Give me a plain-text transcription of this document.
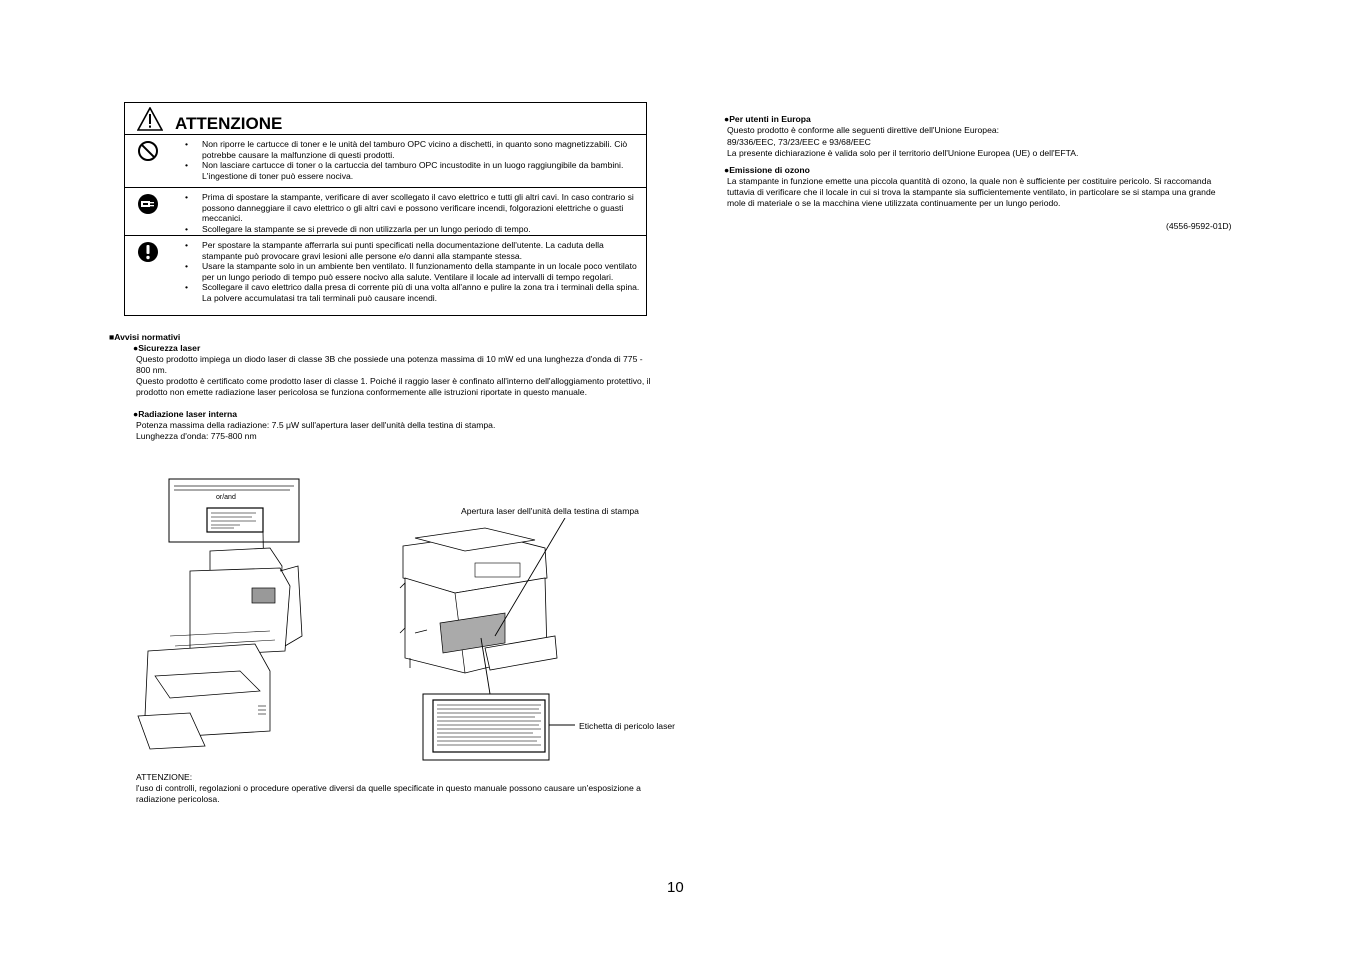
ATTENZIONE
• Non riporre le cartucce di toner e le unità del tamburo OPC vicino a dischetti, in quanto sono magnetizzabili. Ciò potrebbe causare la malfunzione di questi prodotti.
• Non lasciare cartucce di toner o la cartuccia del tamburo OPC incustodite in un luogo raggiungibile da bambini. L'ingestione di toner può essere nociva.
• Prima di spostare la stampante, verificare di aver scollegato il cavo elettrico e tutti gli altri cavi. In caso contrario si possono danneggiare il cavo elettrico o gli altri cavi e possono verificare incendi, folgorazioni elettriche o guasti meccanici.
• Scollegare la stampante se si prevede di non utilizzarla per un lungo periodo di tempo.
• Per spostare la stampante afferrarla sui punti specificati nella documentazione dell'utente. La caduta della stampante può provocare gravi lesioni alle persone e/o danni alla stampante stessa.
• Usare la stampante solo in un ambiente ben ventilato. Il funzionamento della stampante in un locale poco ventilato per un lungo periodo di tempo può essere nocivo alla salute. Ventilare il locale ad intervalli di tempo regolari.
• Scollegare il cavo elettrico dalla presa di corrente più di una volta all'anno e pulire la zona tra i terminali della spina. La polvere accumulatasi tra tali terminali può causare incendi.
■Avvisi normativi
●Sicurezza laser
Questo prodotto impiega un diodo laser di classe 3B che possiede una potenza massima di 10 mW ed una lunghezza d'onda di 775 - 800 nm.
Questo prodotto è certificato come prodotto laser di classe 1. Poiché il raggio laser è confinato all'interno dell'alloggiamento protettivo, il prodotto non emette radiazione laser pericolosa se funziona conformemente alle istruzioni riportate in questo manuale.
●Radiazione laser interna
Potenza massima della radiazione: 7.5 μW sull'apertura laser dell'unità della testina di stampa.
Lunghezza d'onda: 775-800 nm
or/and
Apertura laser dell'unità della testina di stampa
Etichetta di pericolo laser
ATTENZIONE:
l'uso di controlli, regolazioni o procedure operative diversi da quelle specificate in questo manuale possono causare un'esposizione a radiazione pericolosa.
●Per utenti in Europa
Questo prodotto è conforme alle seguenti direttive dell'Unione Europea:
89/336/EEC, 73/23/EEC e 93/68/EEC
La presente dichiarazione è valida solo per il territorio dell'Unione Europea (UE) o dell'EFTA.
●Emissione di ozono
La stampante in funzione emette una piccola quantità di ozono, la quale non è sufficiente per costituire pericolo. Si raccomanda tuttavia di verificare che il locale in cui si trova la stampante sia sufficientemente ventilato, in particolare se si stampa una grande mole di materiale o se la macchina viene utilizzata continuamente per un lungo periodo.
(4556-9592-01D)
10
